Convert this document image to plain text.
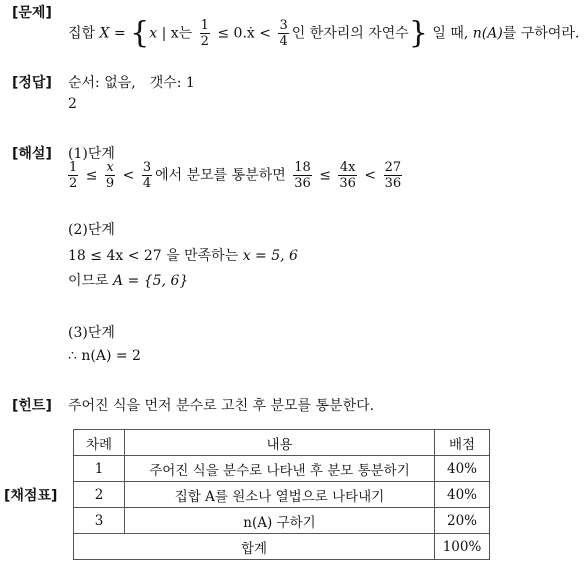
[문제]
집합 X = {x | x는 $\frac{1}{2}$ ≤ 0.ẋ < $\frac{3}{4}$ 인 한자리의 자연수} 일 때, n(A)를 구하여라.
[정답] 순서: 없음,　갯수: 1
2
[해설] (1)단계
$\frac{1}{2} \le \frac{x}{9} < \frac{3}{4}$ 에서 분모를 통분하면 $\frac{18}{36} \le \frac{4x}{36} < \frac{27}{36}$
(2)단계
18 ≤ 4x < 27 을 만족하는 x = 5, 6
이므로 A = {5, 6}
(3)단계
∴ n(A) = 2
[힌트] 주어진 식을 먼저 분수로 고친 후 분모를 통분한다.
[채점표]
차례	내용	배점
1	주어진 식을 분수로 나타낸 후 분모 통분하기	40%
2	집합 A를 원소나 열법으로 나타내기	40%
3	n(A) 구하기	20%
합계		100%
